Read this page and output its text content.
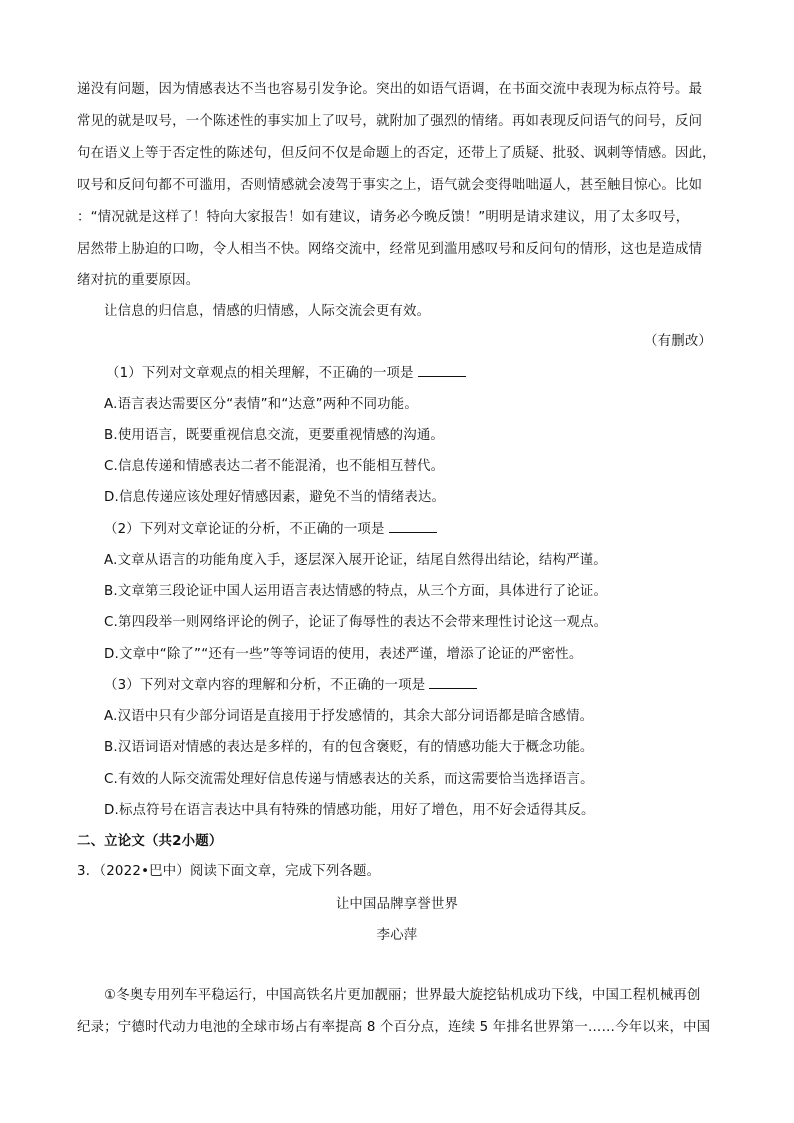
递没有问题，因为情感表达不当也容易引发争论。突出的如语气语调，在书面交流中表现为标点符号。最
常见的就是叹号，一个陈述性的事实加上了叹号，就附加了强烈的情绪。再如表现反问语气的问号，反问
句在语义上等于否定性的陈述句，但反问不仅是命题上的否定，还带上了质疑、批驳、讽刺等情感。因此，
叹号和反问句都不可滥用，否则情感就会凌驾于事实之上，语气就会变得咄咄逼人，甚至触目惊心。比如
：“情况就是这样了！特向大家报告！如有建议，请务必今晚反馈！”明明是请求建议，用了太多叹号，
居然带上胁迫的口吻，令人相当不快。网络交流中，经常见到滥用感叹号和反问句的情形，这也是造成情
绪对抗的重要原因。
让信息的归信息，情感的归情感，人际交流会更有效。
（有删改）
（1）下列对文章观点的相关理解，不正确的一项是
A.语言表达需要区分“表情”和“达意”两种不同功能。
B.使用语言，既要重视信息交流，更要重视情感的沟通。
C.信息传递和情感表达二者不能混淆，也不能相互替代。
D.信息传递应该处理好情感因素，避免不当的情绪表达。
（2）下列对文章论证的分析，不正确的一项是
A.文章从语言的功能角度入手，逐层深入展开论证，结尾自然得出结论，结构严谨。
B.文章第三段论证中国人运用语言表达情感的特点，从三个方面，具体进行了论证。
C.第四段举一则网络评论的例子，论证了侮辱性的表达不会带来理性讨论这一观点。
D.文章中“除了”“还有一些”等等词语的使用，表述严谨，增添了论证的严密性。
（3）下列对文章内容的理解和分析，不正确的一项是
A.汉语中只有少部分词语是直接用于抒发感情的，其余大部分词语都是暗含感情。
B.汉语词语对情感的表达是多样的，有的包含褒贬，有的情感功能大于概念功能。
C.有效的人际交流需处理好信息传递与情感表达的关系，而这需要恰当选择语言。
D.标点符号在语言表达中具有特殊的情感功能，用好了增色，用不好会适得其反。
二、立论文（共2小题）
3．（2022•巴中）阅读下面文章，完成下列各题。
让中国品牌享誉世界
李心萍
①冬奥专用列车平稳运行，中国高铁名片更加靓丽；世界最大旋挖钻机成功下线，中国工程机械再创
纪录；宁德时代动力电池的全球市场占有率提高 8 个百分点，连续 5 年排名世界第一……今年以来，中国
